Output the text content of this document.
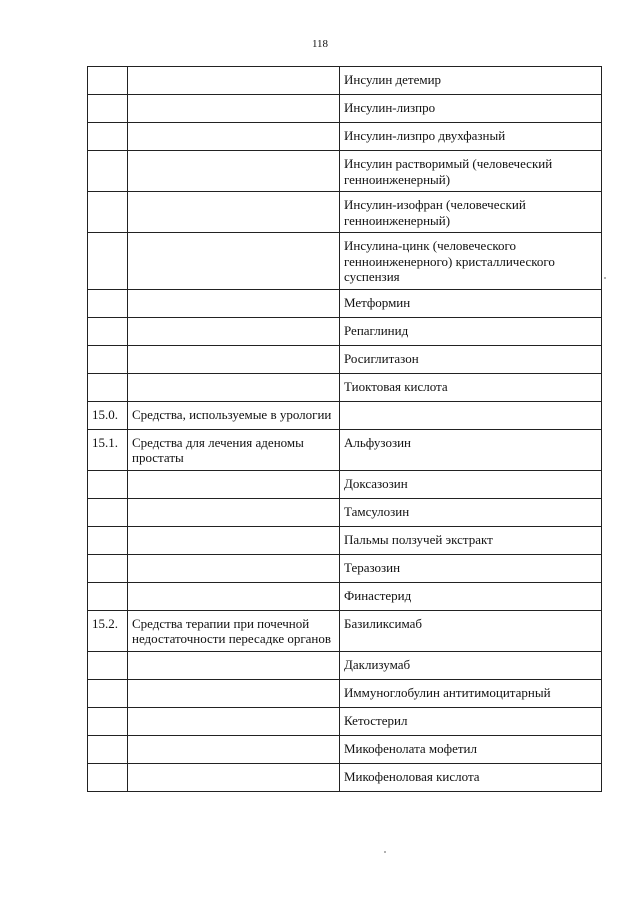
118
		Инсулин детемир
		Инсулин-лизпро
		Инсулин-лизпро двухфазный
		Инсулин растворимый (человеческий генноинженерный)
		Инсулин-изофран (человеческий генноинженерный)
		Инсулина-цинк (человеческого генноинженерного) кристаллического суспензия
		Метформин
		Репаглинид
		Росиглитазон
		Тиоктовая кислота
15.0.	Средства, используемые в урологии	
15.1.	Средства для лечения аденомы простаты	Альфузозин
		Доксазозин
		Тамсулозин
		Пальмы ползучей экстракт
		Теразозин
		Финастерид
15.2.	Средства терапии при почечной недостаточности пересадке органов	Базиликсимаб
		Даклизумаб
		Иммуноглобулин антитимоцитарный
		Кетостерил
		Микофенолата мофетил
		Микофеноловая кислота
